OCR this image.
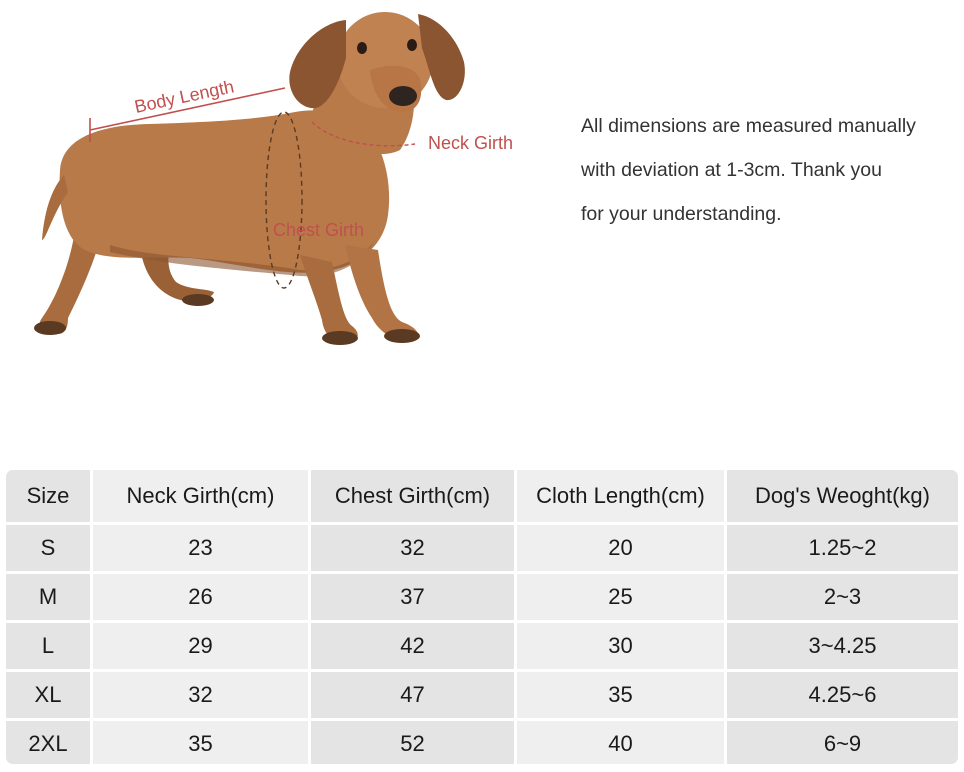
Body Length
Neck Girth
Chest Girth
All dimensions are measured manually
with deviation at 1-3cm. Thank you
for your understanding.
Size	Neck Girth(cm)	Chest Girth(cm)	Cloth Length(cm)	Dog's Weoght(kg)
S	23	32	20	1.25~2
M	26	37	25	2~3
L	29	42	30	3~4.25
XL	32	47	35	4.25~6
2XL	35	52	40	6~9
